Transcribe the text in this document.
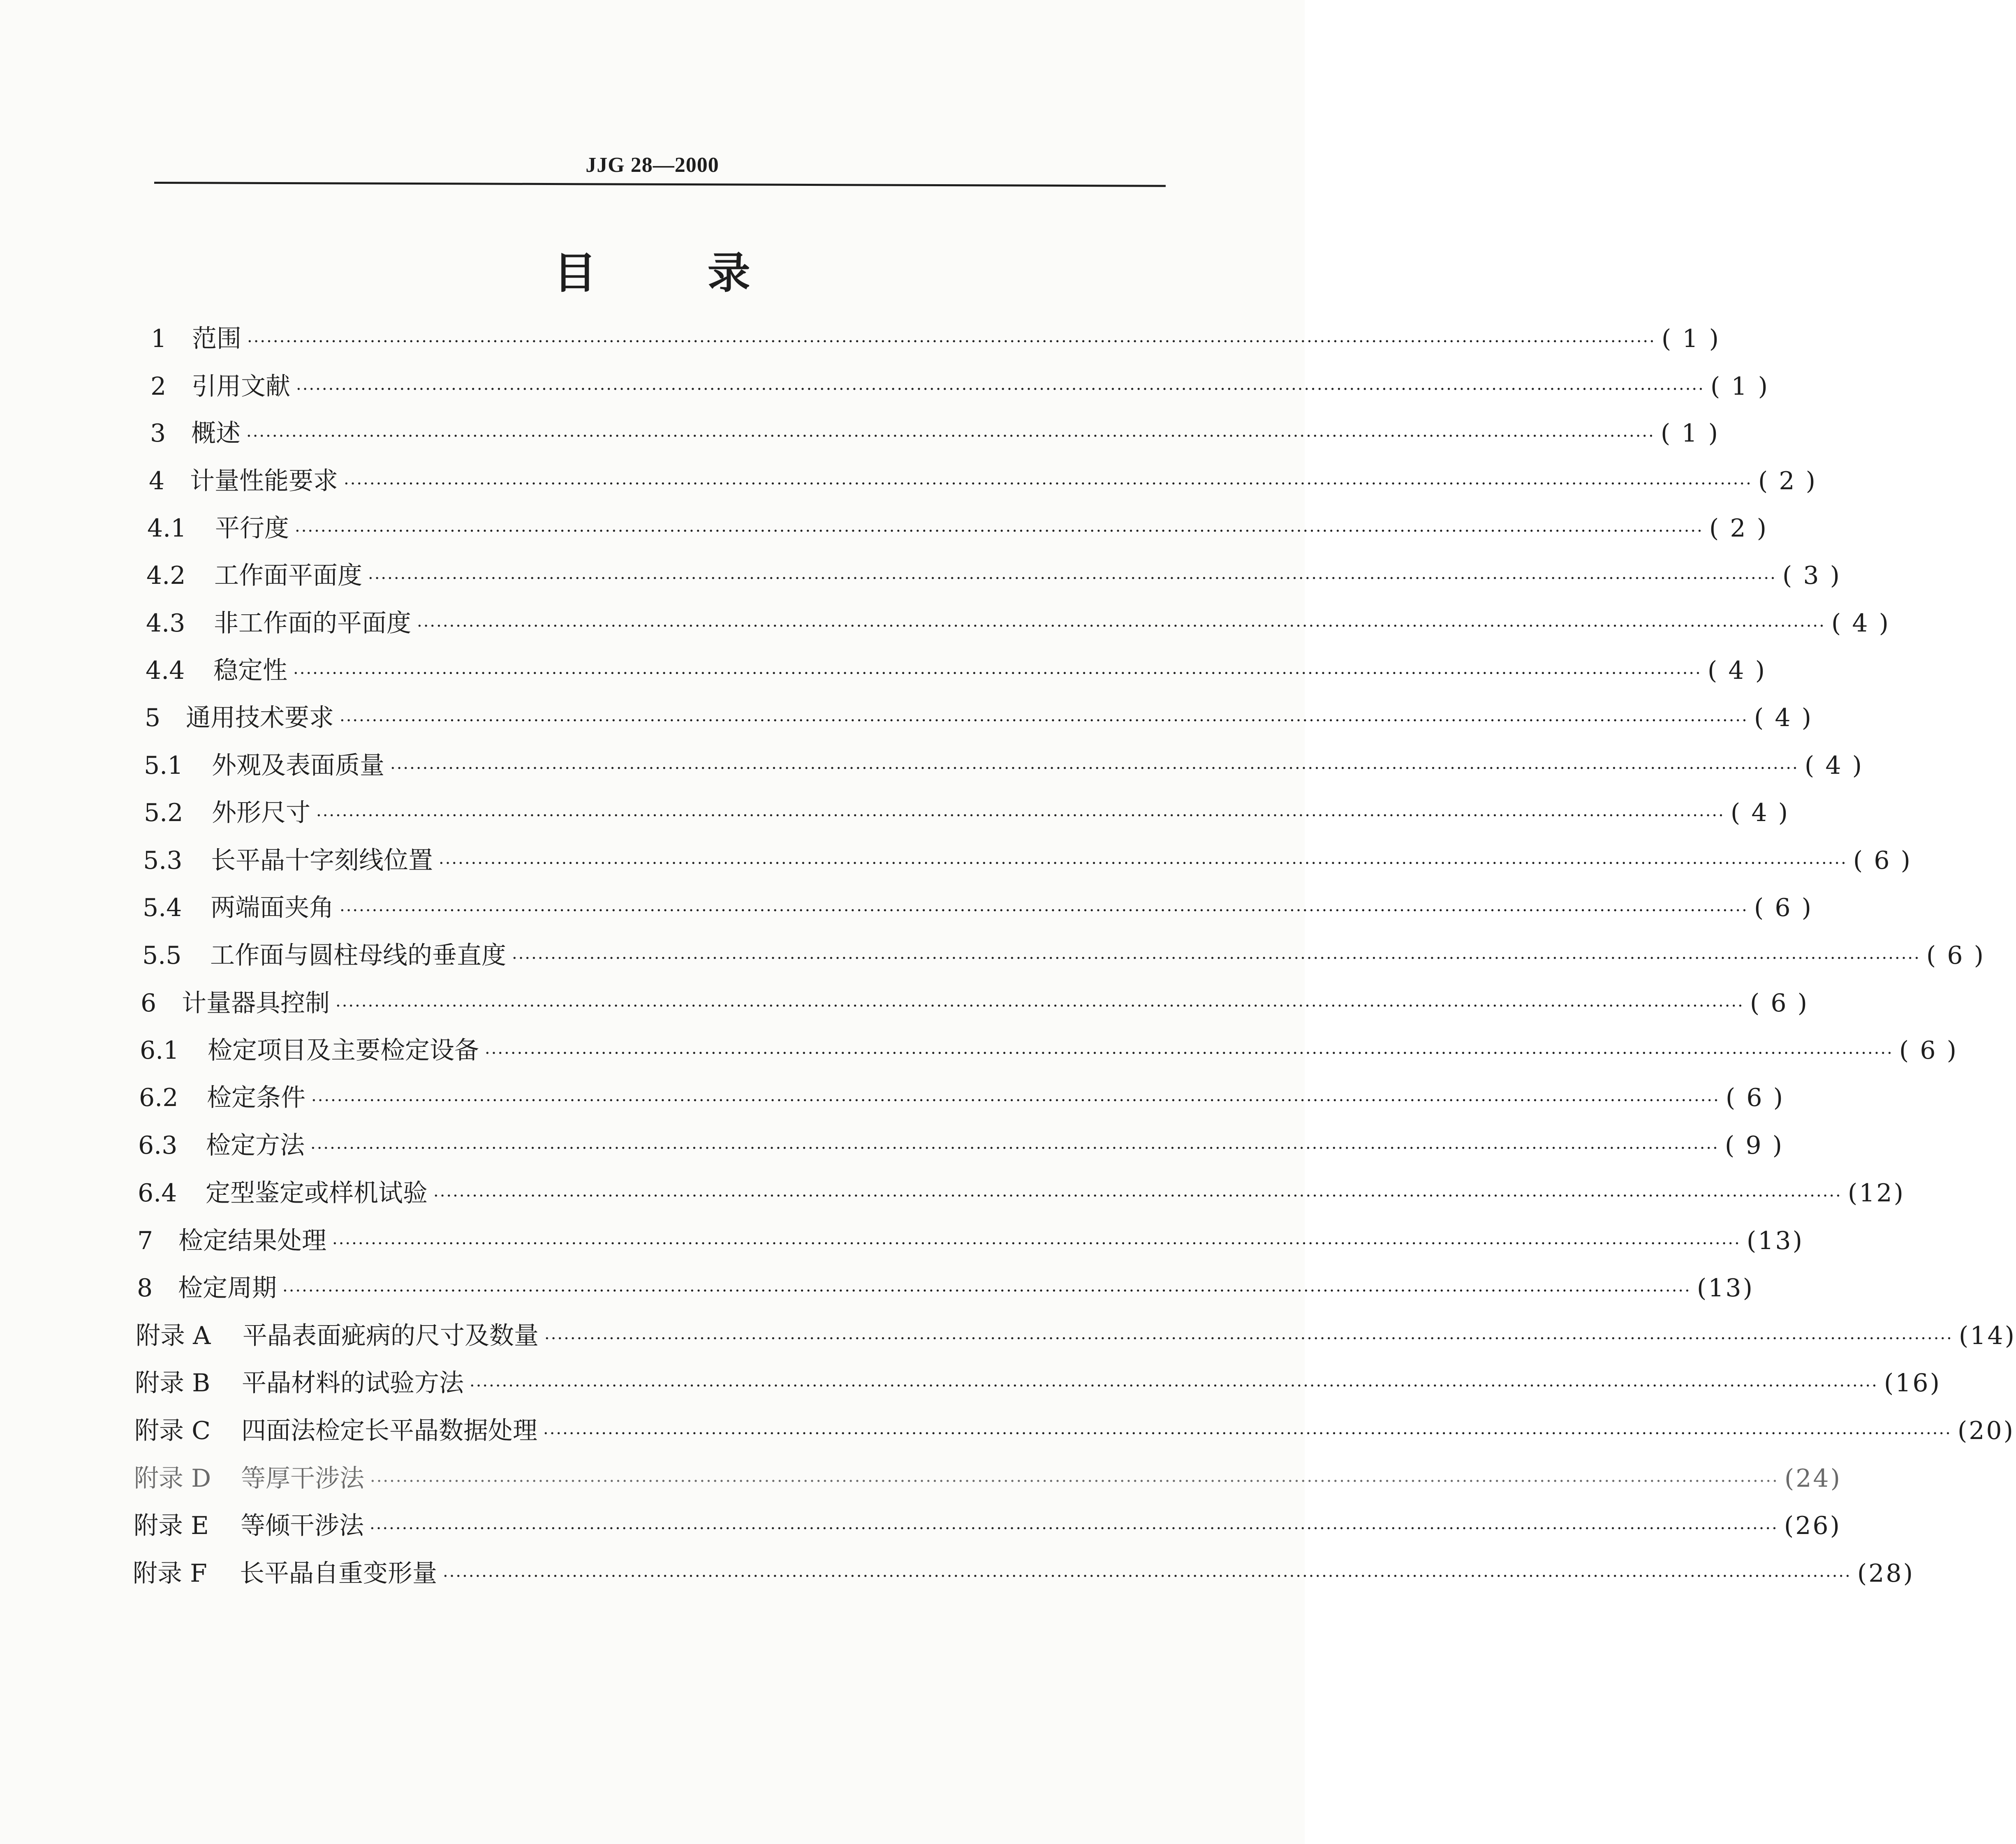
JJG 28—2000
目 录
1	范围 ·························································································································································································································· ( 1 )
2	引用文献 ·························································································································································································································· ( 1 )
3	概述 ·························································································································································································································· ( 1 )
4	计量性能要求 ·························································································································································································································· ( 2 )
4.1	平行度 ·························································································································································································································· ( 2 )
4.2	工作面平面度 ·························································································································································································································· ( 3 )
4.3	非工作面的平面度 ·························································································································································································································· ( 4 )
4.4	稳定性 ·························································································································································································································· ( 4 )
5	通用技术要求 ·························································································································································································································· ( 4 )
5.1	外观及表面质量 ·························································································································································································································· ( 4 )
5.2	外形尺寸 ·························································································································································································································· ( 4 )
5.3	长平晶十字刻线位置 ·························································································································································································································· ( 6 )
5.4	两端面夹角 ·························································································································································································································· ( 6 )
5.5	工作面与圆柱母线的垂直度 ·························································································································································································································· ( 6 )
6	计量器具控制 ·························································································································································································································· ( 6 )
6.1	检定项目及主要检定设备 ·························································································································································································································· ( 6 )
6.2	检定条件 ·························································································································································································································· ( 6 )
6.3	检定方法 ·························································································································································································································· ( 9 )
6.4	定型鉴定或样机试验 ·························································································································································································································· (12)
7	检定结果处理 ·························································································································································································································· (13)
8	检定周期 ·························································································································································································································· (13)
附录 A	平晶表面疵病的尺寸及数量 ·························································································································································································································· (14)
附录 B	平晶材料的试验方法 ·························································································································································································································· (16)
附录 C	四面法检定长平晶数据处理 ·························································································································································································································· (20)
附录 D	等厚干涉法 ·························································································································································································································· (24)
附录 E	等倾干涉法 ·························································································································································································································· (26)
附录 F	长平晶自重变形量 ·························································································································································································································· (28)
